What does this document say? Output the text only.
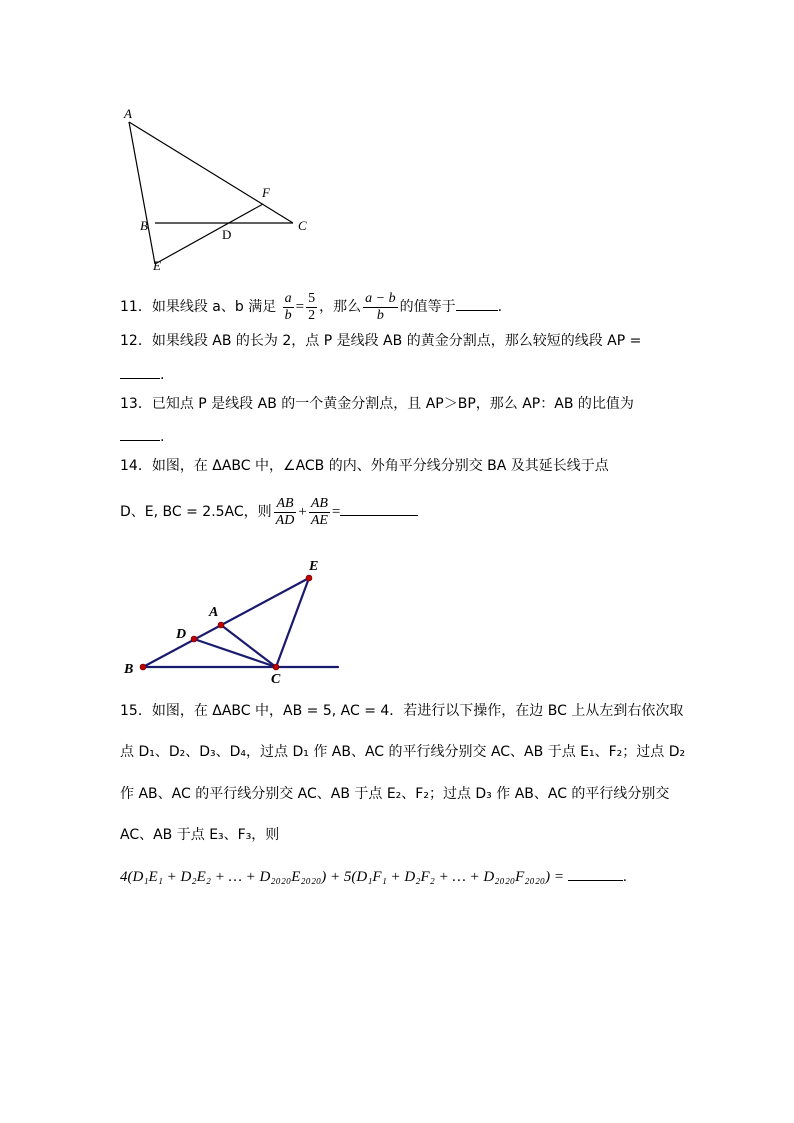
A
B	C
D
E
F
11．如果线段 a、b 满足 $\frac{a}{b} = \frac{5}{2}$ ，那么 $\frac{a - b}{b}$ 的值等于	.
12．如果线段 AB 的长为 2，点 P 是线段 AB 的黄金分割点，那么较短的线段 AP =
.
13．已知点 P 是线段 AB 的一个黄金分割点，且 AP＞BP，那么 AP：AB 的比值为
.
14．如图，在 ΔABC 中，∠ACB 的内、外角平分线分别交 BA 及其延长线于点
D、E, BC = 2.5AC，则 $\frac{AB}{AD} + \frac{AB}{AE}$ =
B
D
A
C
E
15．如图，在 ΔABC 中，AB = 5, AC = 4．若进行以下操作，在边 BC 上从左到右依次取
点 D₁、D₂、D₃、D₄，过点 D₁ 作 AB、AC 的平行线分别交 AC、AB 于点 E₁、F₂；过点 D₂
作 AB、AC 的平行线分别交 AC、AB 于点 E₂、F₂；过点 D₃ 作 AB、AC 的平行线分别交
AC、AB 于点 E₃、F₃，则
4(D₁E₁ + D₂E₂ + … + D₂₀₂₀E₂₀₂₀) + 5(D₁F₁ + D₂F₂ + … + D₂₀₂₀F₂₀₂₀) =	.
